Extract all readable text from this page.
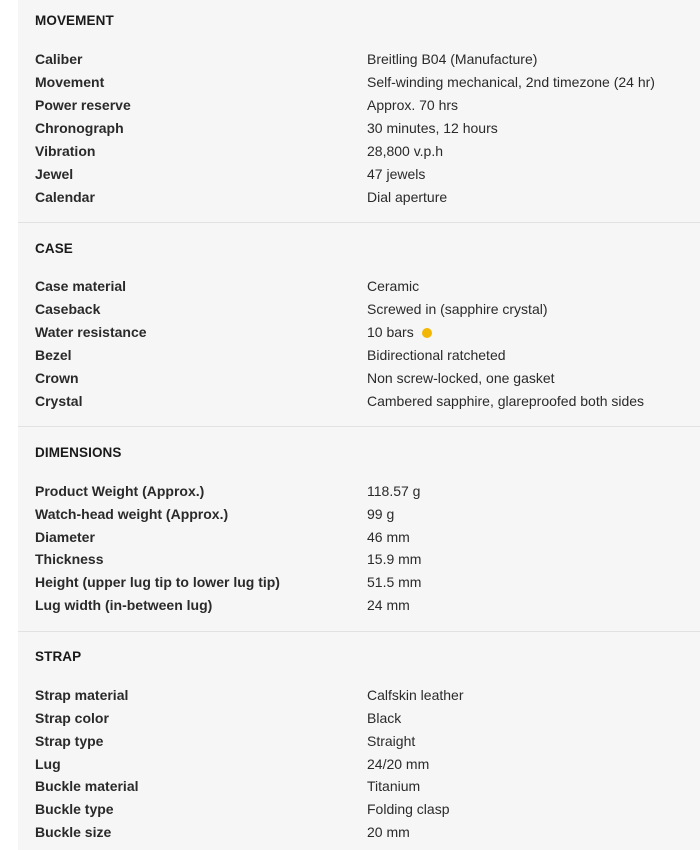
MOVEMENT
Caliber	Breitling B04 (Manufacture)
Movement	Self-winding mechanical, 2nd timezone (24 hr)
Power reserve	Approx. 70 hrs
Chronograph	30 minutes, 12 hours
Vibration	28,800 v.p.h
Jewel	47 jewels
Calendar	Dial aperture
CASE
Case material	Ceramic
Caseback	Screwed in (sapphire crystal)
Water resistance	10 bars
Bezel	Bidirectional ratcheted
Crown	Non screw-locked, one gasket
Crystal	Cambered sapphire, glareproofed both sides
DIMENSIONS
Product Weight (Approx.)	118.57 g
Watch-head weight (Approx.)	99 g
Diameter	46 mm
Thickness	15.9 mm
Height (upper lug tip to lower lug tip)	51.5 mm
Lug width (in-between lug)	24 mm
STRAP
Strap material	Calfskin leather
Strap color	Black
Strap type	Straight
Lug	24/20 mm
Buckle material	Titanium
Buckle type	Folding clasp
Buckle size	20 mm
